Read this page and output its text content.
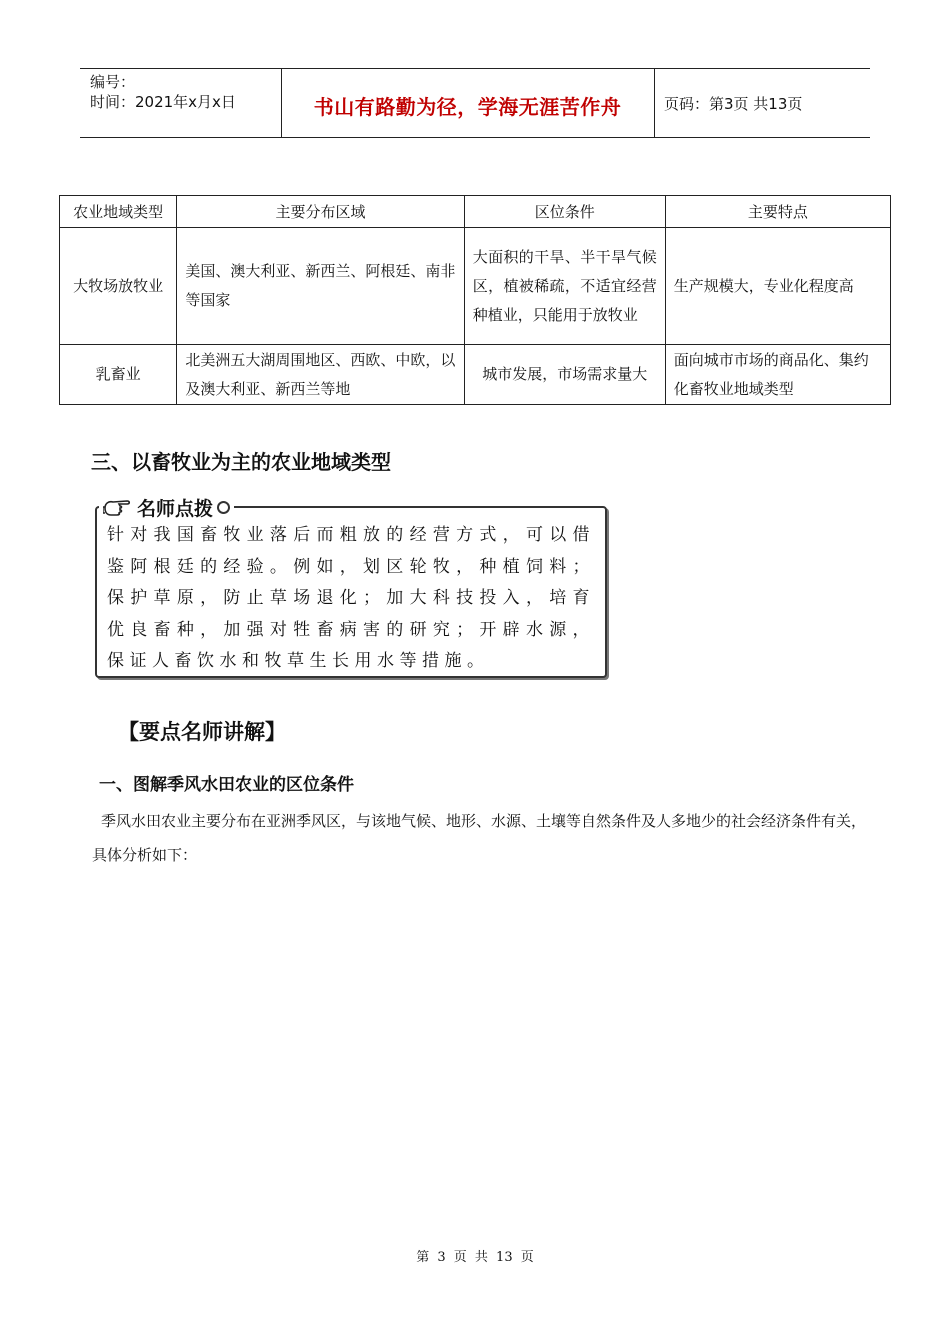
编号：
时间：2021年x月x日	书山有路勤为径，学海无涯苦作舟	页码：第3页 共13页
农业地域类型	主要分布区域	区位条件	主要特点
大牧场放牧业	美国、澳大利亚、新西兰、阿根廷、南非等国家	大面积的干旱、半干旱气候区，植被稀疏，不适宜经营种植业，只能用于放牧业	生产规模大，专业化程度高
乳畜业	北美洲五大湖周围地区、西欧、中欧，以及澳大利亚、新西兰等地	城市发展，市场需求量大	面向城市市场的商品化、集约化畜牧业地域类型
三、以畜牧业为主的农业地域类型
名师点拨
针对我国畜牧业落后而粗放的经营方式，可以借鉴阿根廷的经验。例如，划区轮牧，种植饲料；保护草原，防止草场退化；加大科技投入，培育优良畜种，加强对牲畜病害的研究；开辟水源，保证人畜饮水和牧草生长用水等措施。
【要点名师讲解】
一、图解季风水田农业的区位条件
季风水田农业主要分布在亚洲季风区，与该地气候、地形、水源、土壤等自然条件及人多地少的社会经济条件有关，具体分析如下：
第 3 页 共 13 页
